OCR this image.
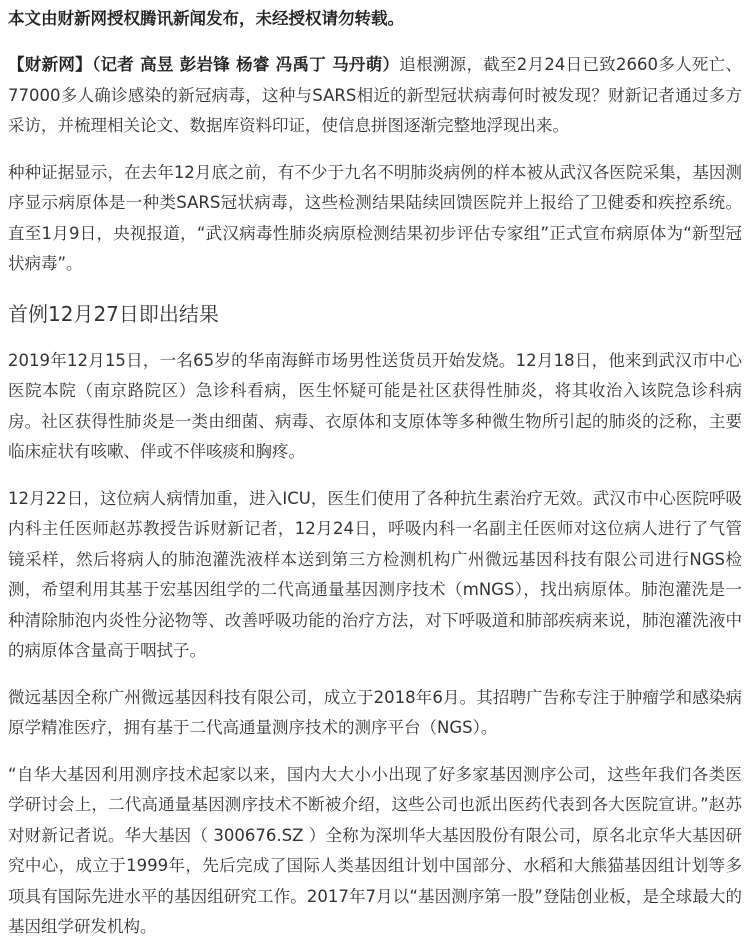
本文由财新网授权腾讯新闻发布，未经授权请勿转载。

【财新网】（记者 高昱 彭岩锋 杨睿 冯禹丁 马丹萌）追根溯源，截至2月24日已致2660多人死亡、77000多人确诊感染的新冠病毒，这种与SARS相近的新型冠状病毒何时被发现？财新记者通过多方采访，并梳理相关论文、数据库资料印证，使信息拼图逐渐完整地浮现出来。

种种证据显示，在去年12月底之前，有不少于九名不明肺炎病例的样本被从武汉各医院采集，基因测序显示病原体是一种类SARS冠状病毒，这些检测结果陆续回馈医院并上报给了卫健委和疾控系统。直至1月9日，央视报道，“武汉病毒性肺炎病原检测结果初步评估专家组”正式宣布病原体为“新型冠状病毒”。

首例12月27日即出结果

2019年12月15日，一名65岁的华南海鲜市场男性送货员开始发烧。12月18日，他来到武汉市中心医院本院（南京路院区）急诊科看病，医生怀疑可能是社区获得性肺炎，将其收治入该院急诊科病房。社区获得性肺炎是一类由细菌、病毒、衣原体和支原体等多种微生物所引起的肺炎的泛称，主要临床症状有咳嗽、伴或不伴咳痰和胸疼。

12月22日，这位病人病情加重，进入ICU，医生们使用了各种抗生素治疗无效。武汉市中心医院呼吸内科主任医师赵苏教授告诉财新记者，12月24日，呼吸内科一名副主任医师对这位病人进行了气管镜采样，然后将病人的肺泡灌洗液样本送到第三方检测机构广州微远基因科技有限公司进行NGS检测，希望利用其基于宏基因组学的二代高通量基因测序技术（mNGS），找出病原体。肺泡灌洗是一种清除肺泡内炎性分泌物等、改善呼吸功能的治疗方法，对下呼吸道和肺部疾病来说，肺泡灌洗液中的病原体含量高于咽拭子。

微远基因全称广州微远基因科技有限公司，成立于2018年6月。其招聘广告称专注于肿瘤学和感染病原学精准医疗，拥有基于二代高通量测序技术的测序平台（NGS）。

“自华大基因利用测序技术起家以来，国内大大小小出现了好多家基因测序公司，这些年我们各类医学研讨会上，二代高通量基因测序技术不断被介绍，这些公司也派出医药代表到各大医院宣讲。”赵苏对财新记者说。华大基因（ 300676.SZ ）全称为深圳华大基因股份有限公司，原名北京华大基因研究中心，成立于1999年，先后完成了国际人类基因组计划中国部分、水稻和大熊猫基因组计划等多项具有国际先进水平的基因组研究工作。2017年7月以“基因测序第一股”登陆创业板，是全球最大的基因组学研发机构。
